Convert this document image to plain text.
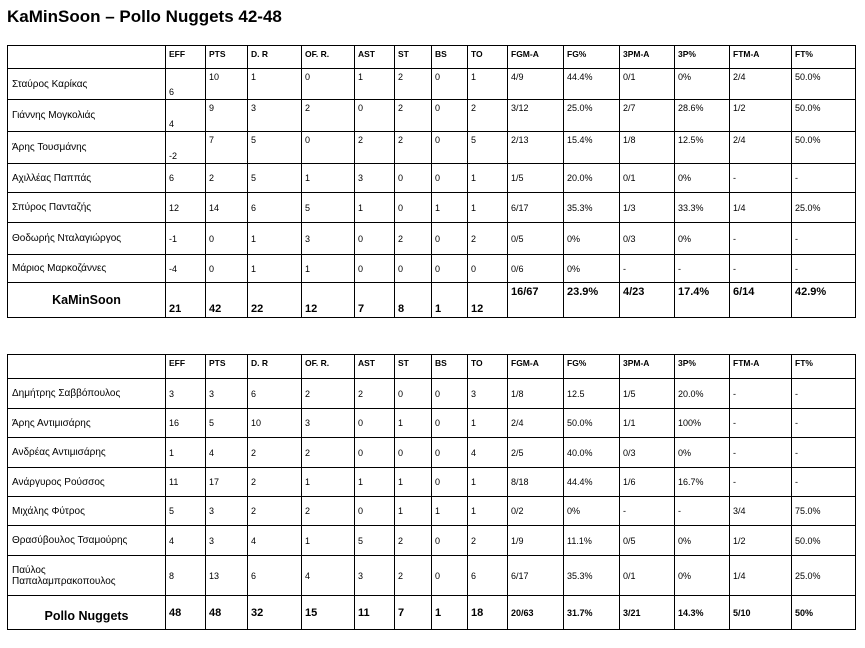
KaMinSoon – Pollo Nuggets 42-48
	EFF	PTS	D. R	OF. R.	AST	ST	BS	TO	FGM-A	FG%	3PM-A	3P%	FTM-A	FT%
Σταύρος Καρίκας	6	10	1	0	1	2	0	1	4/9	44.4%	0/1	0%	2/4	50.0%
Γιάννης Μογκολιάς	4	9	3	2	0	2	0	2	3/12	25.0%	2/7	28.6%	1/2	50.0%
Άρης Τουσμάνης	-2	7	5	0	2	2	0	5	2/13	15.4%	1/8	12.5%	2/4	50.0%
Αχιλλέας Παππάς	6	2	5	1	3	0	0	1	1/5	20.0%	0/1	0%	-	-
Σπύρος Πανταζής	12	14	6	5	1	0	1	1	6/17	35.3%	1/3	33.3%	1/4	25.0%
Θοδωρής Νταλαγιώργος	-1	0	1	3	0	2	0	2	0/5	0%	0/3	0%	-	-
Μάριος Μαρκοζάννες	-4	0	1	1	0	0	0	0	0/6	0%	-	-	-	-
KaMinSoon	21	42	22	12	7	8	1	12	16/67	23.9%	4/23	17.4%	6/14	42.9%
	EFF	PTS	D. R	OF. R.	AST	ST	BS	TO	FGM-A	FG%	3PM-A	3P%	FTM-A	FT%
Δημήτρης Σαββόπουλος	3	3	6	2	2	0	0	3	1/8	12.5	1/5	20.0%	-	-
Άρης Αντιμισάρης	16	5	10	3	0	1	0	1	2/4	50.0%	1/1	100%	-	-
Ανδρέας Αντιμισάρης	1	4	2	2	0	0	0	4	2/5	40.0%	0/3	0%	-	-
Ανάργυρος Ρούσσος	11	17	2	1	1	1	0	1	8/18	44.4%	1/6	16.7%	-	-
Μιχάλης Φύτρος	5	3	2	2	0	1	1	1	0/2	0%	-	-	3/4	75.0%
Θρασύβουλος Τσαμούρης	4	3	4	1	5	2	0	2	1/9	11.1%	0/5	0%	1/2	50.0%

Παύλος
Παπαλαμπρακοπουλος	8	13	6	4	3	2	0	6	6/17	35.3%	0/1	0%	1/4	25.0%
Pollo Nuggets	48	48	32	15	11	7	1	18	20/63	31.7%	3/21	14.3%	5/10	50%
